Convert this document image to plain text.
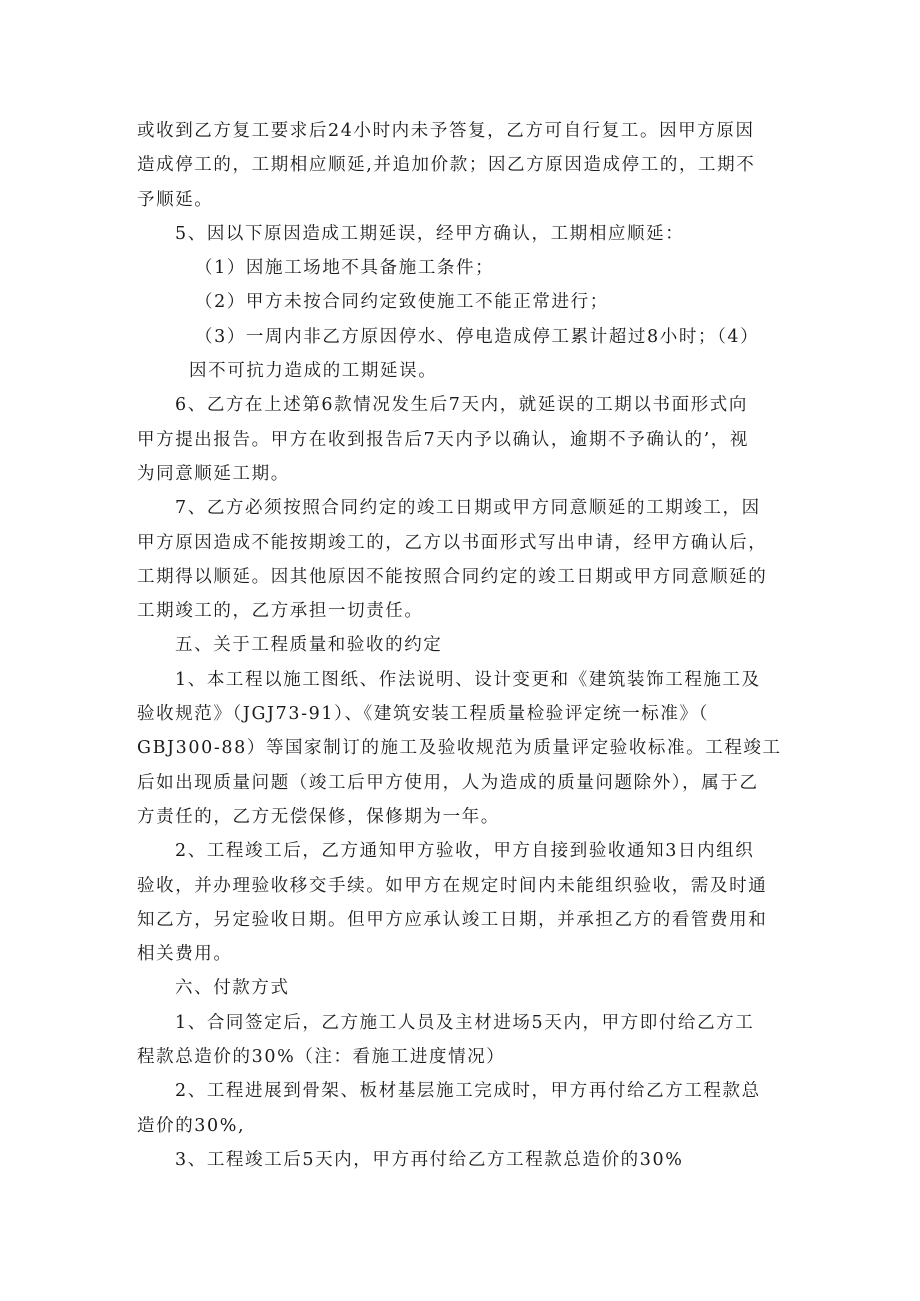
或收到乙方复工要求后24小时内未予答复，乙方可自行复工。因甲方原因
造成停工的，工期相应顺延,并追加价款；因乙方原因造成停工的，工期不
予顺延。
5、因以下原因造成工期延误，经甲方确认，工期相应顺延：
（1）因施工场地不具备施工条件；
（2）甲方未按合同约定致使施工不能正常进行；
（3）一周内非乙方原因停水、停电造成停工累计超过8小时；（4）
因不可抗力造成的工期延误。
6、乙方在上述第6款情况发生后7天内，就延误的工期以书面形式向
甲方提出报告。甲方在收到报告后7天内予以确认，逾期不予确认的’，视
为同意顺延工期。
7、乙方必须按照合同约定的竣工日期或甲方同意顺延的工期竣工，因
甲方原因造成不能按期竣工的，乙方以书面形式写出申请，经甲方确认后，
工期得以顺延。因其他原因不能按照合同约定的竣工日期或甲方同意顺延的
工期竣工的，乙方承担一切责任。
五、关于工程质量和验收的约定
1、本工程以施工图纸、作法说明、设计变更和《建筑装饰工程施工及
验收规范》（JGJ73-91）、《建筑安装工程质量检验评定统一标准》（
GBJ300-88）等国家制订的施工及验收规范为质量评定验收标准。工程竣工
后如出现质量问题（竣工后甲方使用，人为造成的质量问题除外），属于乙
方责任的，乙方无偿保修，保修期为一年。
2、工程竣工后，乙方通知甲方验收，甲方自接到验收通知3日内组织
验收，并办理验收移交手续。如甲方在规定时间内未能组织验收，需及时通
知乙方，另定验收日期。但甲方应承认竣工日期，并承担乙方的看管费用和
相关费用。
六、付款方式
1、合同签定后，乙方施工人员及主材进场5天内，甲方即付给乙方工
程款总造价的30%（注：看施工进度情况）
2、工程进展到骨架、板材基层施工完成时，甲方再付给乙方工程款总
造价的30%,
3、工程竣工后5天内，甲方再付给乙方工程款总造价的30%
